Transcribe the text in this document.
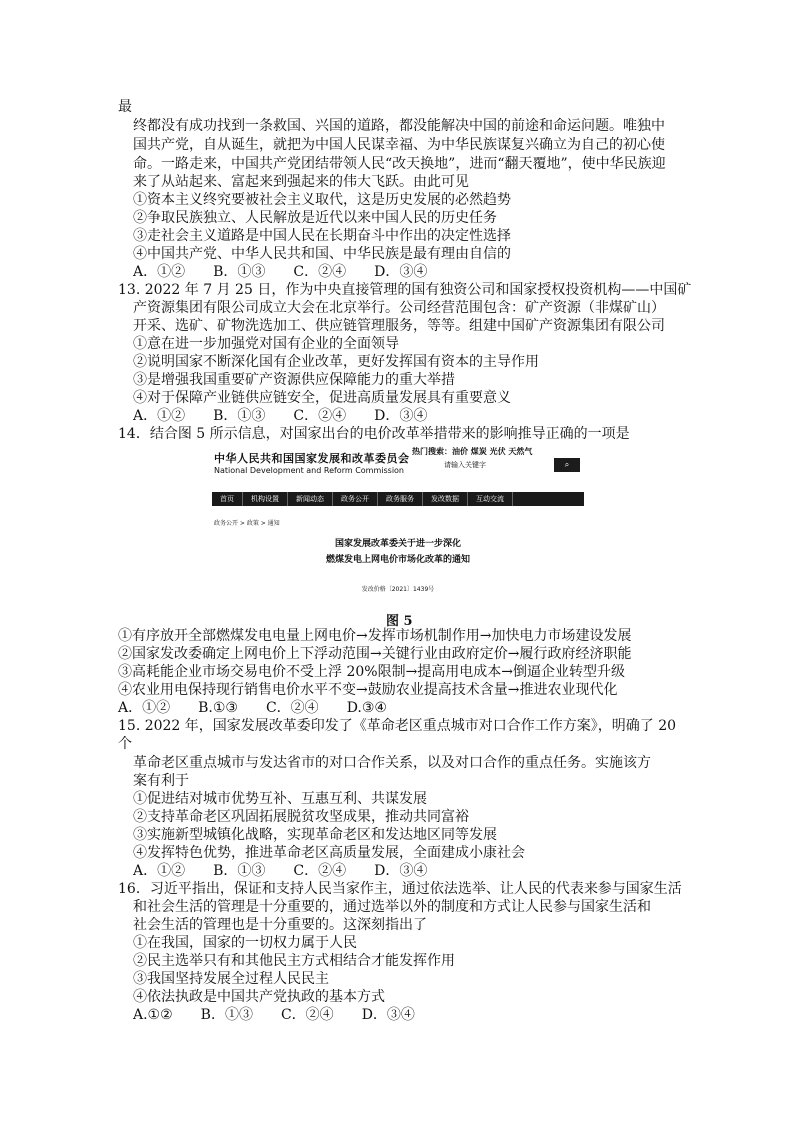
最
终都没有成功找到一条救国、兴国的道路，都没能解决中国的前途和命运问题。唯独中
国共产党，自从诞生，就把为中国人民谋幸福、为中华民族谋复兴确立为自己的初心使
命。一路走来，中国共产党团结带领人民“改天换地”，进而“翻天覆地”，使中华民族迎
来了从站起来、富起来到强起来的伟大飞跃。由此可见
①资本主义终究要被社会主义取代，这是历史发展的必然趋势
②争取民族独立、人民解放是近代以来中国人民的历史任务
③走社会主义道路是中国人民在长期奋斗中作出的决定性选择
④中国共产党、中华人民共和国、中华民族是最有理由自信的
A．①② B．①③ C．②④ D．③④
13. 2022 年 7 月 25 日，作为中央直接管理的国有独资公司和国家授权投资机构——中国矿
产资源集团有限公司成立大会在北京举行。公司经营范围包含：矿产资源（非煤矿山）
开采、选矿、矿物洗选加工、供应链管理服务，等等。组建中国矿产资源集团有限公司
①意在进一步加强党对国有企业的全面领导
②说明国家不断深化国有企业改革，更好发挥国有资本的主导作用
③是增强我国重要矿产资源供应保障能力的重大举措
④对于保障产业链供应链安全，促进高质量发展具有重要意义
A．①② B．①③ C．②④ D．③④
14．结合图 5 所示信息，对国家出台的电价改革举措带来的影响推导正确的一项是
中华人民共和国国家发展和改革委员会
National Development and Reform Commission
热门搜索：油价 煤炭 光伏 天然气
请输入关键字	⌕
首页	机构设置	新闻动态	政务公开	政务服务	发改数据	互动交流
政务公开 > 政策 > 通知
国家发展改革委关于进一步深化
燃煤发电上网电价市场化改革的通知
发改价格〔2021〕1439号
图 5
①有序放开全部燃煤发电电量上网电价→发挥市场机制作用→加快电力市场建设发展
②国家发改委确定上网电价上下浮动范围→关键行业由政府定价→履行政府经济职能
③高耗能企业市场交易电价不受上浮 20%限制→提高用电成本→倒逼企业转型升级
④农业用电保持现行销售电价水平不变→鼓励农业提高技术含量→推进农业现代化
A．①② B.①③ C．②④ D.③④
15. 2022 年，国家发展改革委印发了《革命老区重点城市对口合作工作方案》，明确了 20
个
革命老区重点城市与发达省市的对口合作关系，以及对口合作的重点任务。实施该方
案有利于
①促进结对城市优势互补、互惠互利、共谋发展
②支持革命老区巩固拓展脱贫攻坚成果，推动共同富裕
③实施新型城镇化战略，实现革命老区和发达地区同等发展
④发挥特色优势，推进革命老区高质量发展，全面建成小康社会
A．①② B．①③ C．②④ D．③④
16．习近平指出，保证和支持人民当家作主，通过依法选举、让人民的代表来参与国家生活
和社会生活的管理是十分重要的，通过选举以外的制度和方式让人民参与国家生活和
社会生活的管理也是十分重要的。这深刻指出了
①在我国，国家的一切权力属于人民
②民主选举只有和其他民主方式相结合才能发挥作用
③我国坚持发展全过程人民民主
④依法执政是中国共产党执政的基本方式
A.①② B．①③ C．②④ D．③④
